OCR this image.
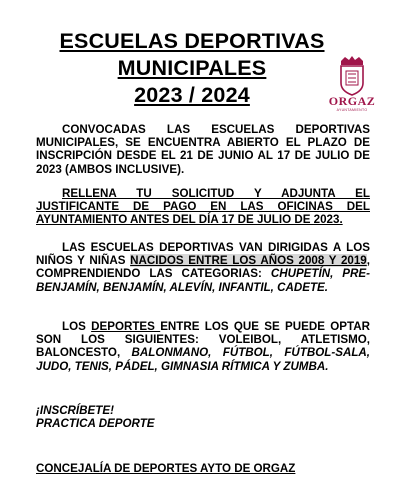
ESCUELAS DEPORTIVAS
MUNICIPALES
2023 / 2024	ORGAZ
AYUNTAMIENTO
CONVOCADAS LAS ESCUELAS DEPORTIVAS MUNICIPALES, SE ENCUENTRA ABIERTO EL PLAZO DE INSCRIPCIÓN DESDE EL 21 DE JUNIO AL 17 DE JULIO DE 2023 (AMBOS INCLUSIVE).
RELLENA TU SOLICITUD Y ADJUNTA EL JUSTIFICANTE DE PAGO EN LAS OFICINAS DEL AYUNTAMIENTO ANTES DEL DÍA 17 DE JULIO DE 2023.
LAS ESCUELAS DEPORTIVAS VAN DIRIGIDAS A LOS NIÑOS Y NIÑAS NACIDOS ENTRE LOS AÑOS 2008 Y 2019, COMPRENDIENDO LAS CATEGORIAS: CHUPETÍN, PRE-BENJAMÍN, BENJAMÍN, ALEVÍN, INFANTIL, CADETE.
LOS DEPORTES ENTRE LOS QUE SE PUEDE OPTAR SON LOS SIGUIENTES: VOLEIBOL, ATLETISMO, BALONCESTO, BALONMANO, FÚTBOL, FÚTBOL-SALA, JUDO, TENIS, PÁDEL, GIMNASIA RÍTMICA Y ZUMBA.
¡INSCRÍBETE!
PRACTICA DEPORTE
CONCEJALÍA DE DEPORTES AYTO DE ORGAZ
